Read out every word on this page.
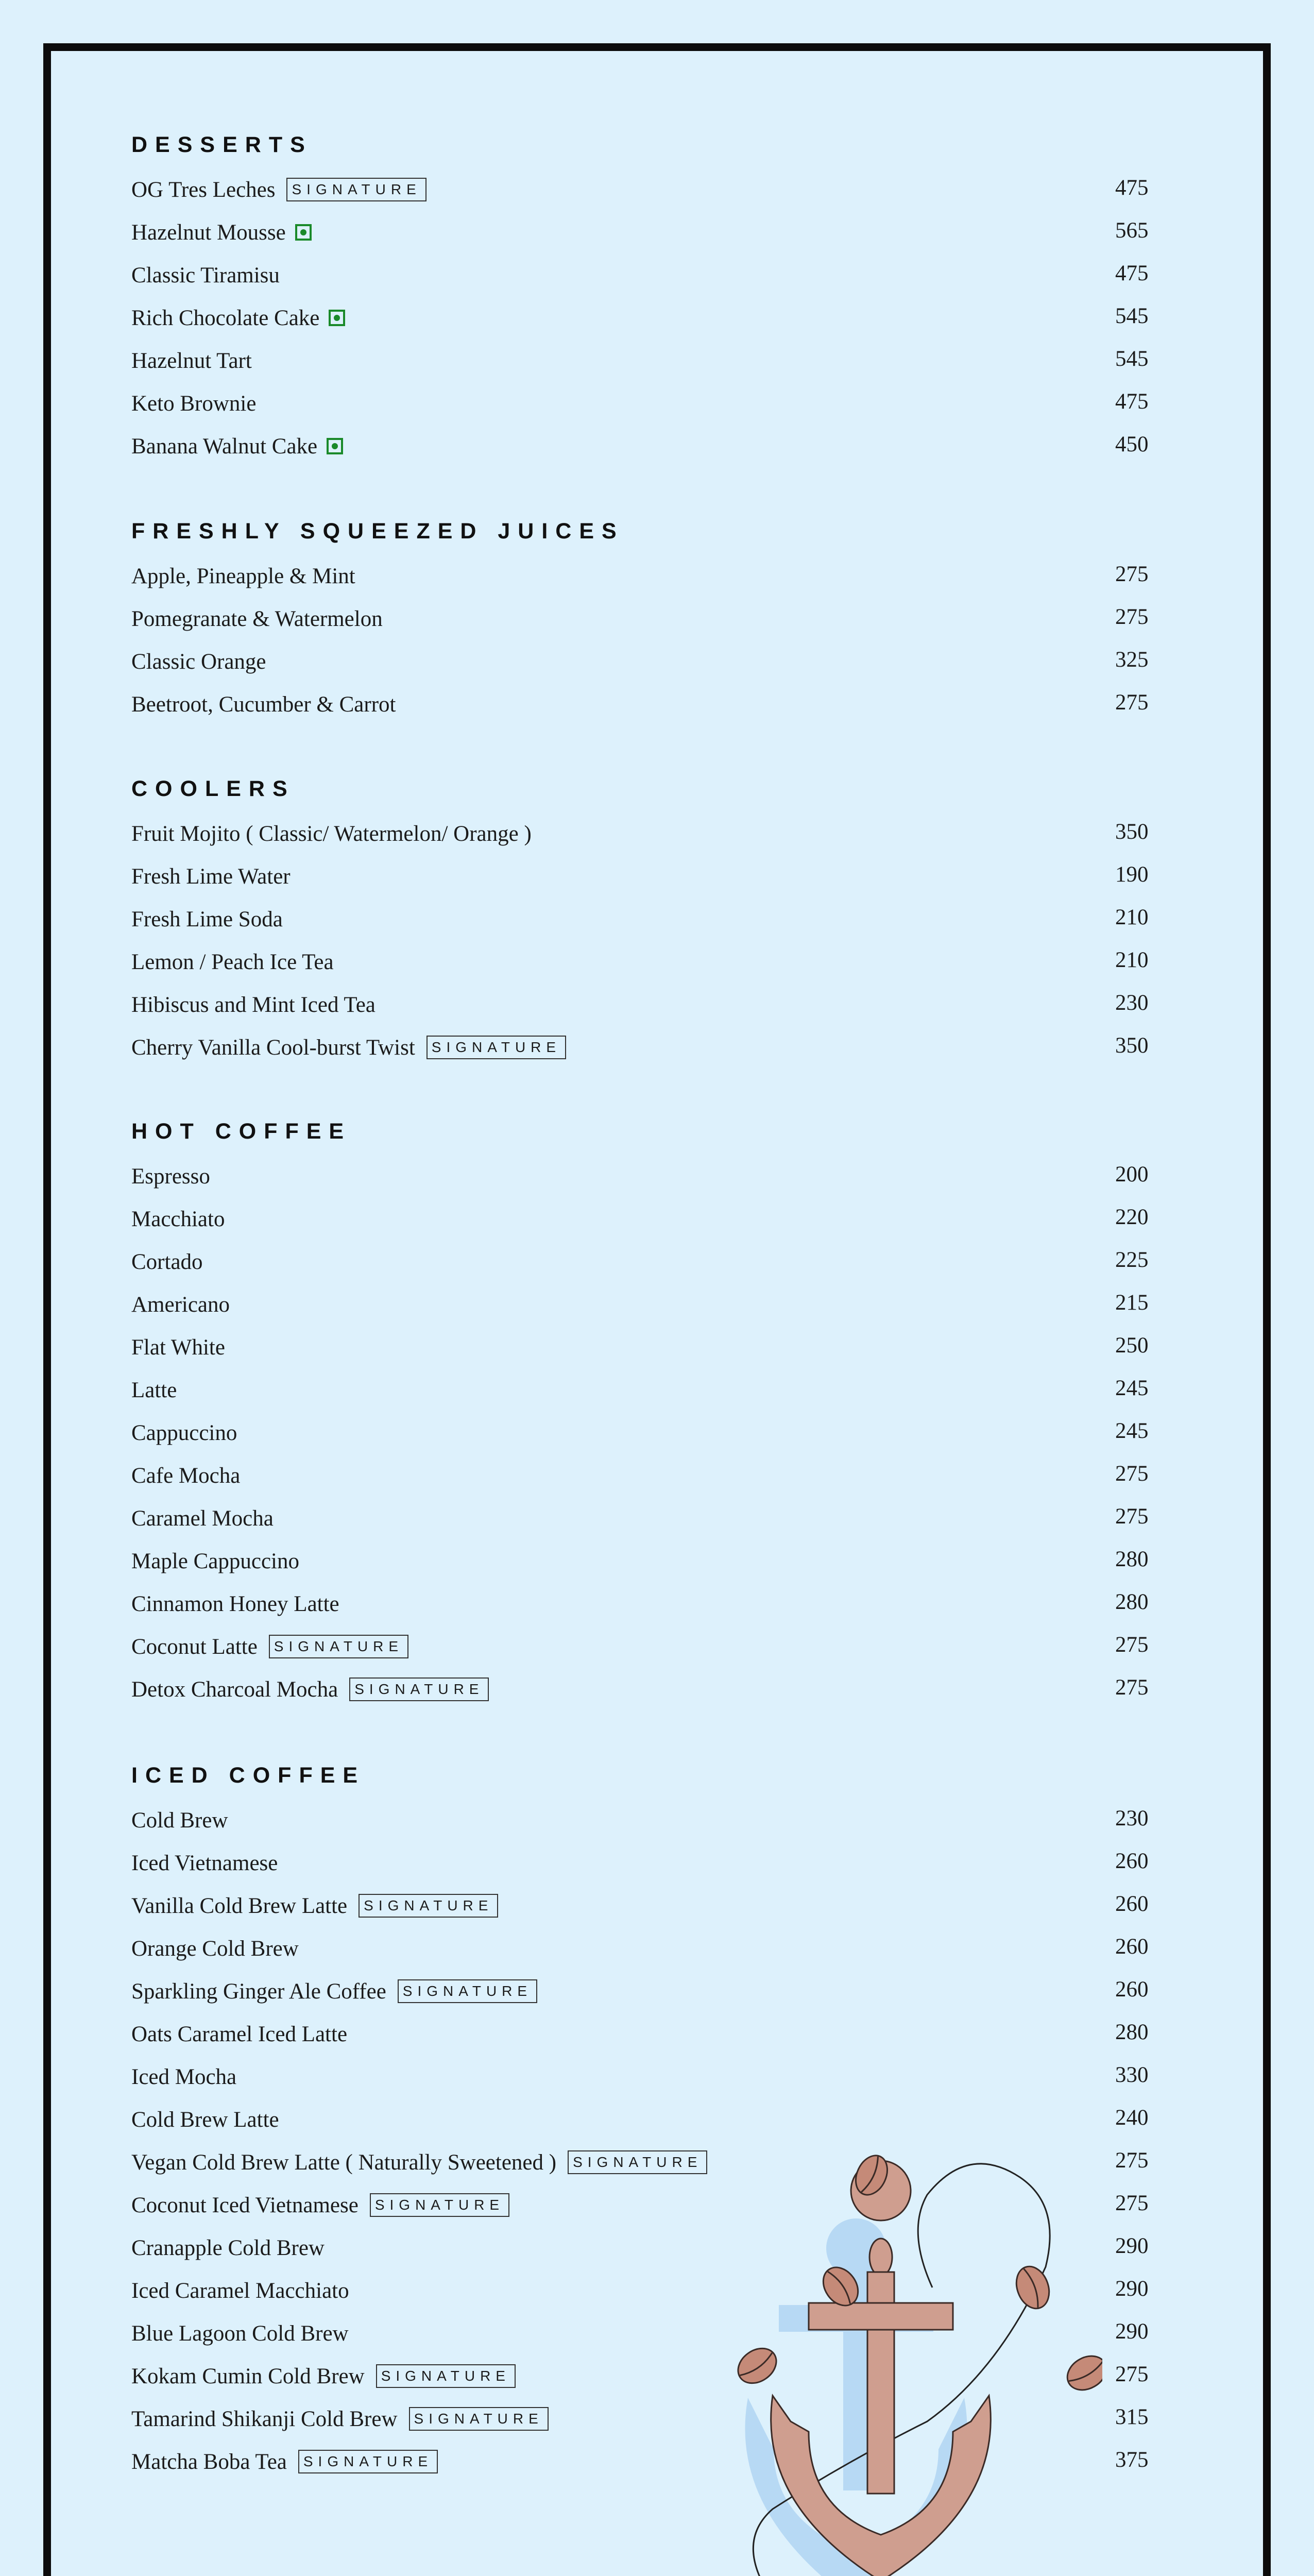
DESSERTS
OG Tres Leches SIGNATURE	475
Hazelnut Mousse	565
Classic Tiramisu	475
Rich Chocolate Cake	545
Hazelnut Tart	545
Keto Brownie	475
Banana Walnut Cake	450
FRESHLY SQUEEZED JUICES
Apple, Pineapple & Mint	275
Pomegranate & Watermelon	275
Classic Orange	325
Beetroot, Cucumber & Carrot	275
COOLERS
Fruit Mojito ( Classic/ Watermelon/ Orange )	350
Fresh Lime Water	190
Fresh Lime Soda	210
Lemon / Peach Ice Tea	210
Hibiscus and Mint Iced Tea	230
Cherry Vanilla Cool-burst Twist SIGNATURE	350
HOT COFFEE
Espresso	200
Macchiato	220
Cortado	225
Americano	215
Flat White	250
Latte	245
Cappuccino	245
Cafe Mocha	275
Caramel Mocha	275
Maple Cappuccino	280
Cinnamon Honey Latte	280
Coconut Latte SIGNATURE	275
Detox Charcoal Mocha SIGNATURE	275
ICED COFFEE
Cold Brew	230
Iced Vietnamese	260
Vanilla Cold Brew Latte SIGNATURE	260
Orange Cold Brew	260
Sparkling Ginger Ale Coffee SIGNATURE	260
Oats Caramel Iced Latte	280
Iced Mocha	330
Cold Brew Latte	240
Vegan Cold Brew Latte ( Naturally Sweetened ) SIGNATURE	275
Coconut Iced Vietnamese SIGNATURE	275
Cranapple Cold Brew	290
Iced Caramel Macchiato	290
Blue Lagoon Cold Brew	290
Kokam Cumin Cold Brew SIGNATURE	275
Tamarind Shikanji Cold Brew SIGNATURE	315
Matcha Boba Tea SIGNATURE	375
